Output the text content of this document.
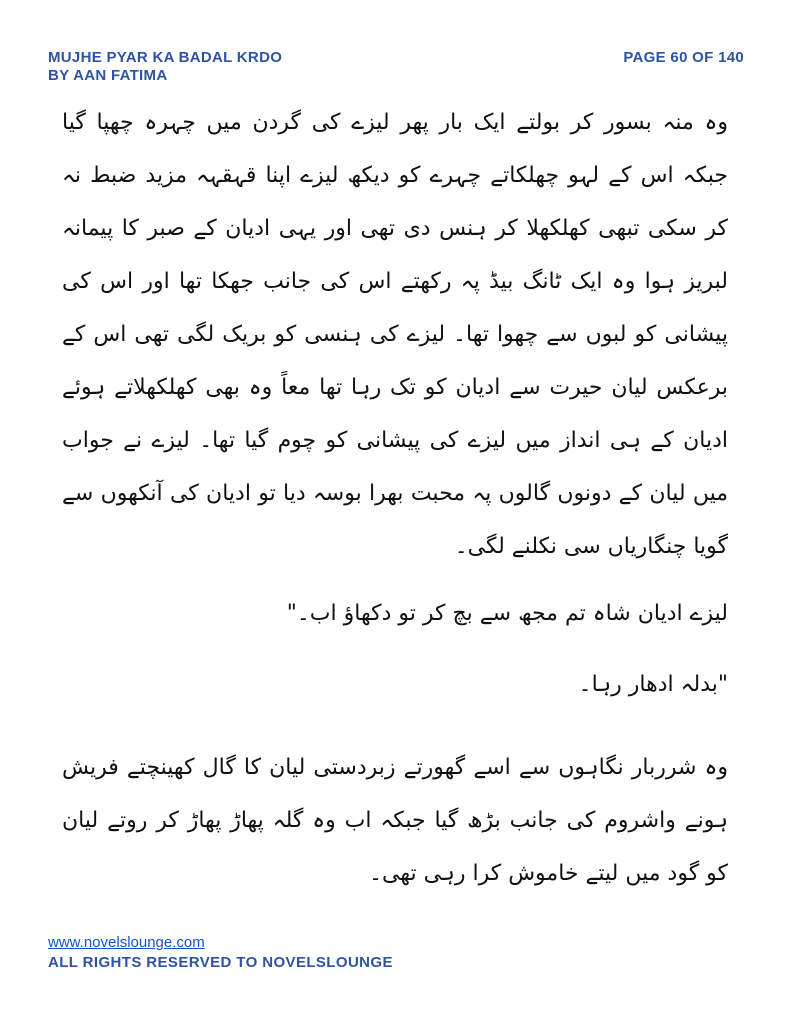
MUJHE PYAR KA BADAL KRDO
BY AAN FATIMA
PAGE 60 OF 140

وہ منہ بسور کر بولتے ایک بار پھر لیزے کی گردن میں چہرہ چھپا گیا جبکہ اس کے لہو چھلکاتے چہرے کو دیکھ لیزے اپنا قہقہہ مزید ضبط نہ کر سکی تبھی کھلکھلا کر ہنس دی تھی اور یہی ادیان کے صبر کا پیمانہ لبریز ہوا وہ ایک ٹانگ بیڈ پہ رکھتے اس کی جانب جھکا تھا اور اس کی پیشانی کو لبوں سے چھوا تھا۔ لیزے کی ہنسی کو بریک لگی تھی اس کے برعکس لیان حیرت سے ادیان کو تک رہا تھا معاً وہ بھی کھلکھلاتے ہوئے ادیان کے ہی انداز میں لیزے کی پیشانی کو چوم گیا تھا۔ لیزے نے جواب میں لیان کے دونوں گالوں پہ محبت بھرا بوسہ دیا تو ادیان کی آنکھوں سے گویا چنگاریاں سی نکلنے لگی۔

لیزے ادیان شاہ تم مجھ سے بچ کر تو دکھاؤ اب۔"

"بدلہ ادھار رہا۔

وہ شرربار نگاہوں سے اسے گھورتے زبردستی لیان کا گال کھینچتے فریش ہونے واشروم کی جانب بڑھ گیا جبکہ اب وہ گلہ پھاڑ پھاڑ کر روتے لیان کو گود میں لیتے خاموش کرا رہی تھی۔

www.novelslounge.com
ALL RIGHTS RESERVED TO NOVELSLOUNGE
